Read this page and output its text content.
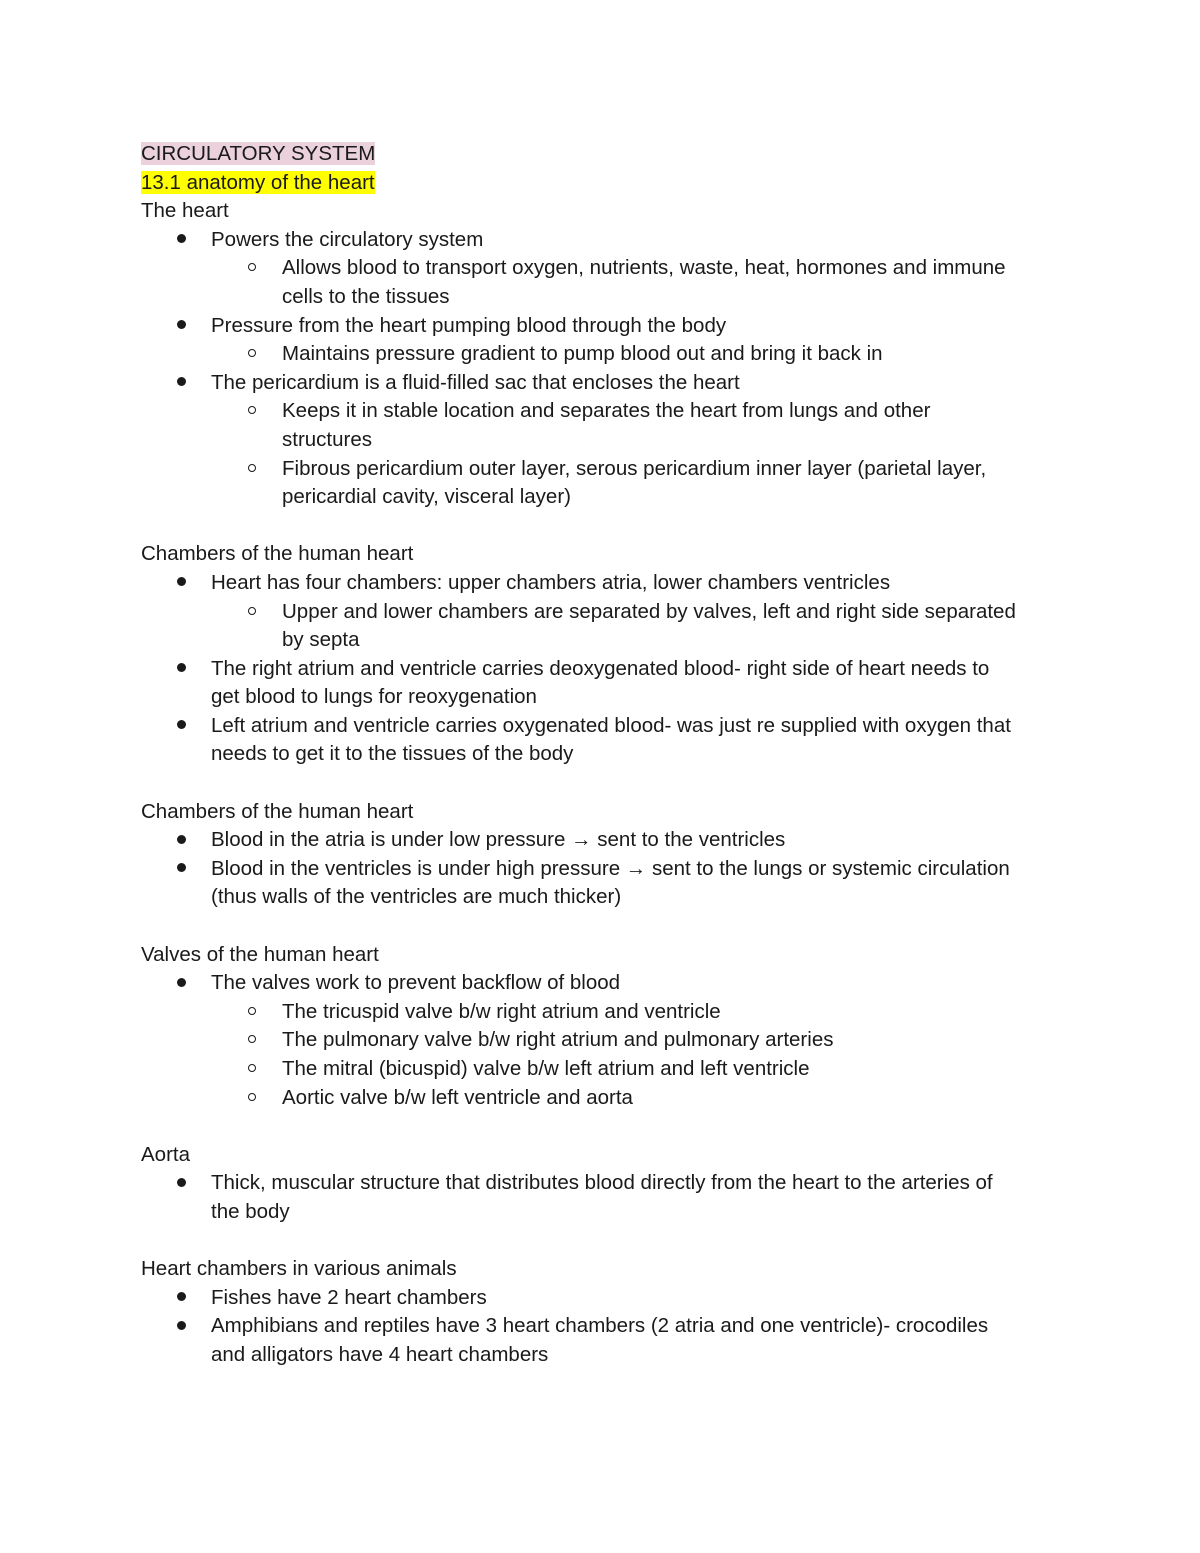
CIRCULATORY SYSTEM
13.1 anatomy of the heart
The heart
Powers the circulatory system
Allows blood to transport oxygen, nutrients, waste, heat, hormones and immune
cells to the tissues
Pressure from the heart pumping blood through the body
Maintains pressure gradient to pump blood out and bring it back in
The pericardium is a fluid-filled sac that encloses the heart
Keeps it in stable location and separates the heart from lungs and other
structures
Fibrous pericardium outer layer, serous pericardium inner layer (parietal layer,
pericardial cavity, visceral layer)
Chambers of the human heart
Heart has four chambers: upper chambers atria, lower chambers ventricles
Upper and lower chambers are separated by valves, left and right side separated
by septa
The right atrium and ventricle carries deoxygenated blood- right side of heart needs to
get blood to lungs for reoxygenation
Left atrium and ventricle carries oxygenated blood- was just re supplied with oxygen that
needs to get it to the tissues of the body
Chambers of the human heart
Blood in the atria is under low pressure → sent to the ventricles
Blood in the ventricles is under high pressure → sent to the lungs or systemic circulation
(thus walls of the ventricles are much thicker)
Valves of the human heart
The valves work to prevent backflow of blood
The tricuspid valve b/w right atrium and ventricle
The pulmonary valve b/w right atrium and pulmonary arteries
The mitral (bicuspid) valve b/w left atrium and left ventricle
Aortic valve b/w left ventricle and aorta
Aorta
Thick, muscular structure that distributes blood directly from the heart to the arteries of
the body
Heart chambers in various animals
Fishes have 2 heart chambers
Amphibians and reptiles have 3 heart chambers (2 atria and one ventricle)- crocodiles
and alligators have 4 heart chambers
